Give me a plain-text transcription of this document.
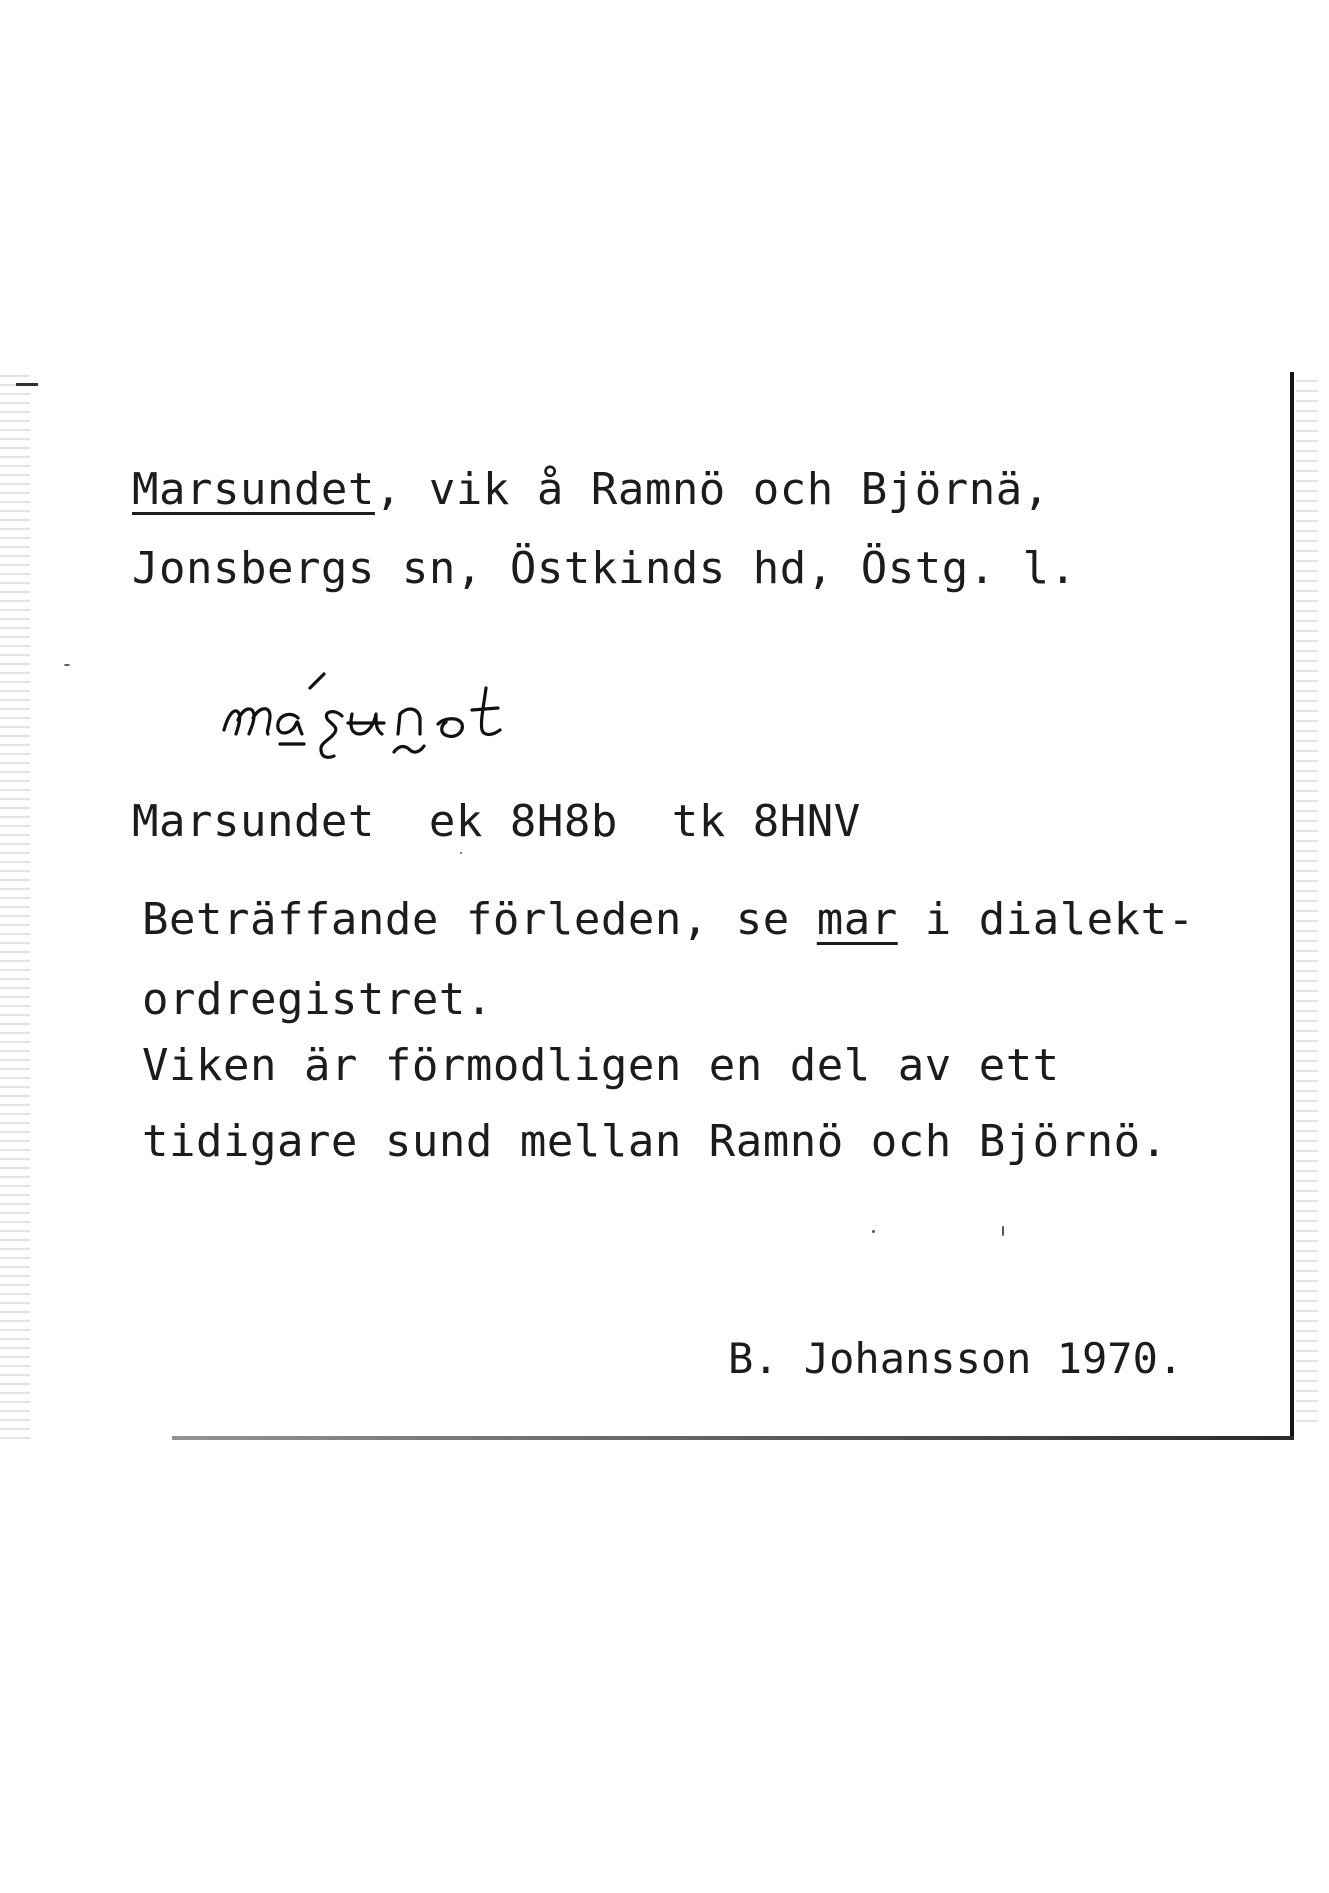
Marsundet, vik å Ramnö och Björnä,
Jonsbergs sn, Östkinds hd, Östg. l.
Marsundet  ek 8H8b  tk 8HNV
Beträffande förleden, se mar i dialekt-
ordregistret.
Viken är förmodligen en del av ett
tidigare sund mellan Ramnö och Björnö.
B. Johansson 1970.
